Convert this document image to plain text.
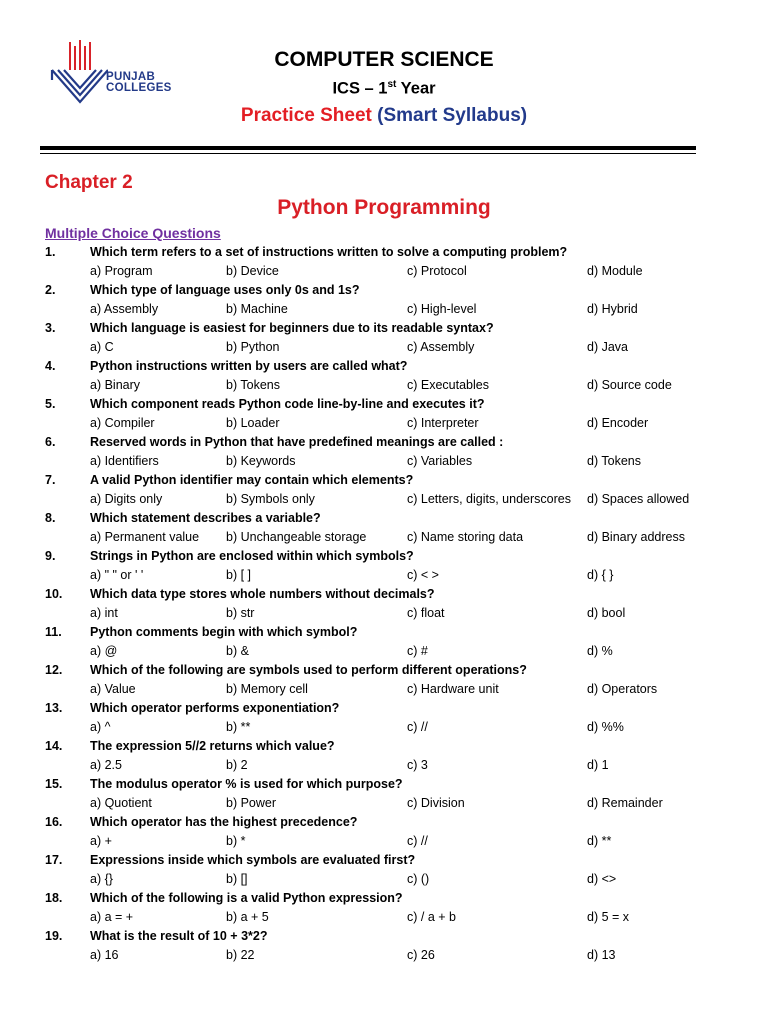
PUNJAB
COLLEGES
COMPUTER SCIENCE
ICS – 1st Year
Practice Sheet (Smart Syllabus)
Chapter 2
Python Programming
Multiple Choice Questions
1.	Which term refers to a set of instructions written to solve a computing problem?
a) Program	b) Device	c) Protocol	d) Module
2.	Which type of language uses only 0s and 1s?
a) Assembly	b) Machine	c) High-level	d) Hybrid
3.	Which language is easiest for beginners due to its readable syntax?
a) C	b) Python	c) Assembly	d) Java
4.	Python instructions written by users are called what?
a) Binary	b) Tokens	c) Executables	d) Source code
5.	Which component reads Python code line-by-line and executes it?
a) Compiler	b) Loader	c) Interpreter	d) Encoder
6.	Reserved words in Python that have predefined meanings are called :
a) Identifiers	b) Keywords	c) Variables	d) Tokens
7.	A valid Python identifier may contain which elements?
a) Digits only	b) Symbols only	c) Letters, digits, underscores d) Spaces allowed
8.	Which statement describes a variable?
a) Permanent value b) Unchangeable storage	c) Name storing data	d) Binary address
9.	Strings in Python are enclosed within which symbols?
a) " " or ' '	b) [ ]	c) < >	d) { }
10. Which data type stores whole numbers without decimals?
a) int	b) str	c) float	d) bool
11. Python comments begin with which symbol?
a) @	b) &	c) #	d) %
12. Which of the following are symbols used to perform different operations?
a) Value	b) Memory cell	c) Hardware unit	d) Operators
13. Which operator performs exponentiation?
a) ^	b) **	c) //	d) %%
14. The expression 5//2 returns which value?
a) 2.5	b) 2	c) 3	d) 1
15. The modulus operator % is used for which purpose?
a) Quotient	b) Power	c) Division	d) Remainder
16. Which operator has the highest precedence?
a) +	b) *	c) //	d) **
17. Expressions inside which symbols are evaluated first?
a) {}	b) []	c) ()	d) <>
18. Which of the following is a valid Python expression?
a) a = +	b) a + 5	c) / a + b	d) 5 = x
19. What is the result of 10 + 3*2?
a) 16	b) 22	c) 26	d) 13
